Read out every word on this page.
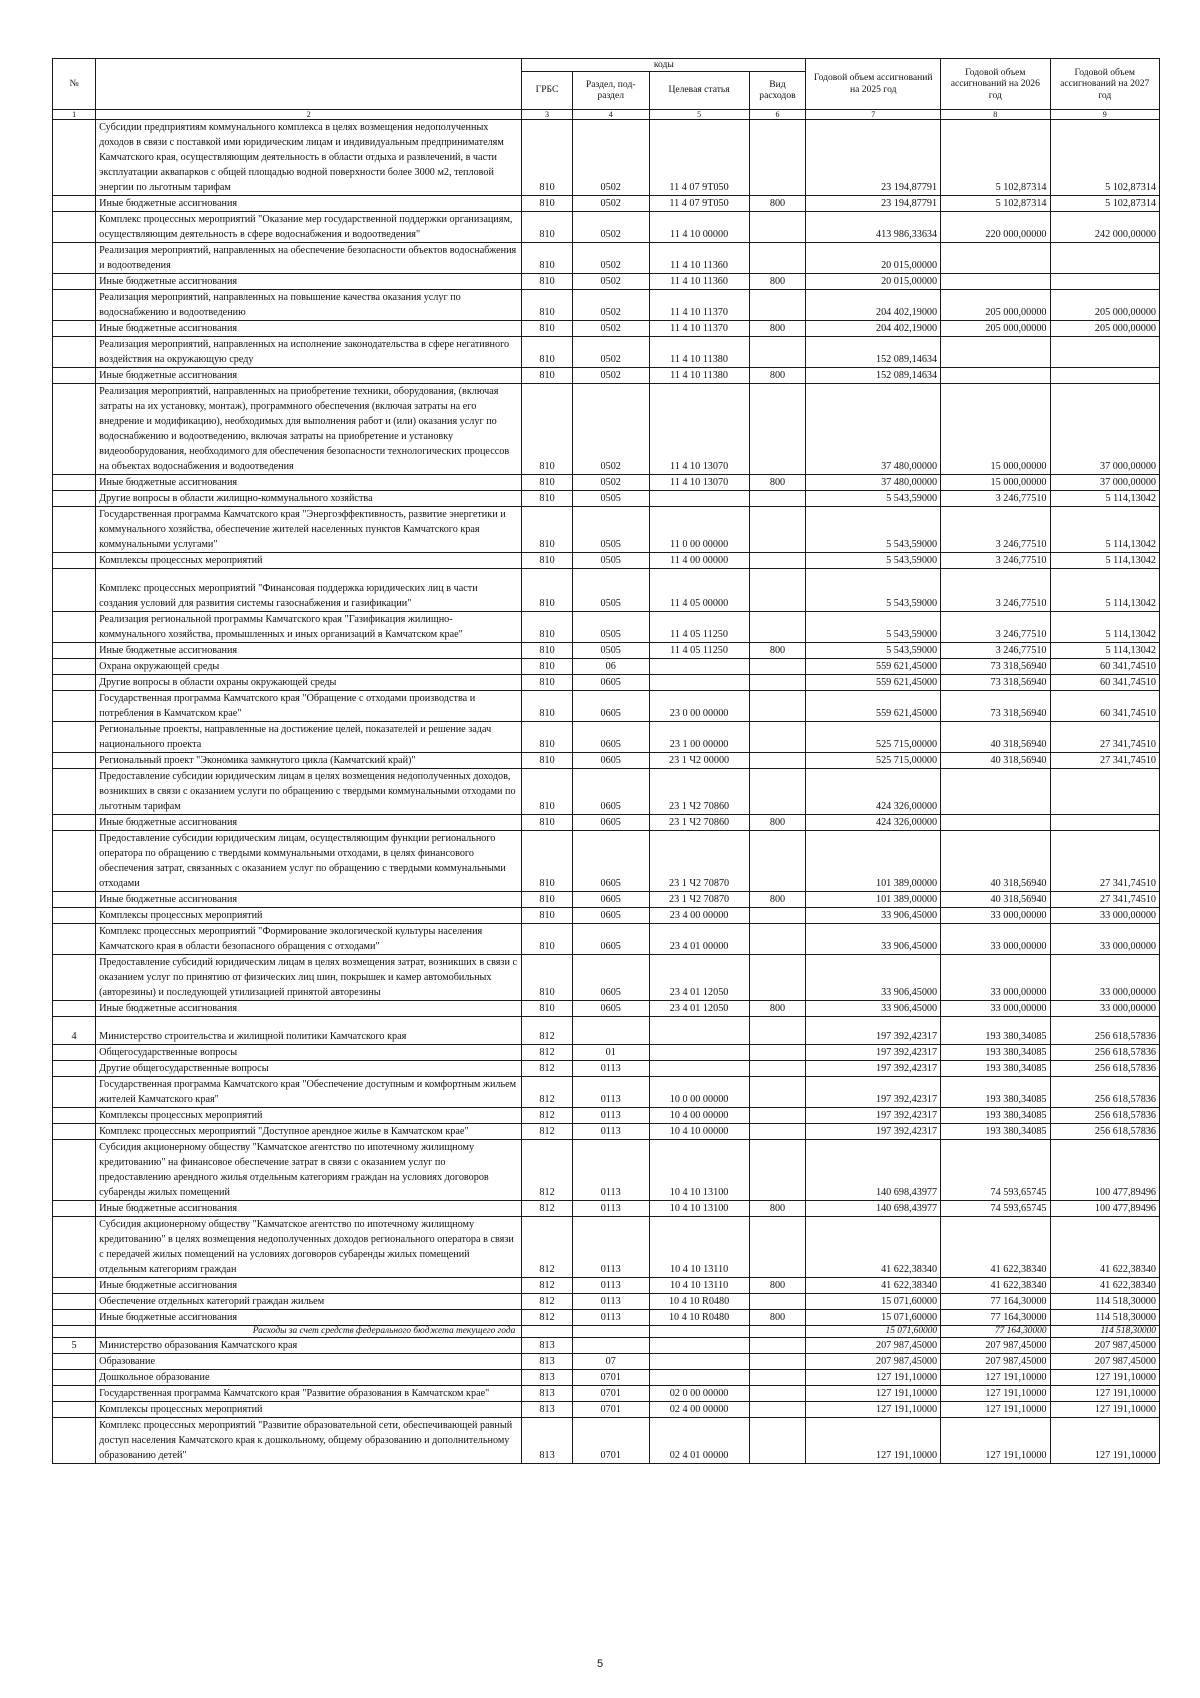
№		коды				Годовой объем ассигнований на 2025 год	Годовой объем ассигнований на 2026 год	Годовой объем ассигнований на 2027 год
		ГРБС	Раздел, под-раздел	Целевая статья	Вид расходов			
1	2	3	4	5	6	7	8	9
	Субсидии предприятиям коммунального комплекса в целях возмещения недополученных доходов в связи с поставкой ими юридическим лицам и индивидуальным предпринимателям Камчатского края, осуществляющим деятельность в области отдыха и развлечений, в части эксплуатации аквапарков с общей площадью водной поверхности более 3000 м2, тепловой энергии по льготным тарифам	810	0502	11 4 07 9Т050		23 194,87791	5 102,87314	5 102,87314
	Иные бюджетные ассигнования	810	0502	11 4 07 9Т050	800	23 194,87791	5 102,87314	5 102,87314
	Комплекс процессных мероприятий "Оказание мер государственной поддержки организациям, осуществляющим деятельность в сфере водоснабжения и водоотведения"	810	0502	11 4 10 00000		413 986,33634	220 000,00000	242 000,00000
	Реализация мероприятий, направленных на обеспечение безопасности объектов водоснабжения и водоотведения	810	0502	11 4 10 11360		20 015,00000		
	Иные бюджетные ассигнования	810	0502	11 4 10 11360	800	20 015,00000		
	Реализация мероприятий, направленных на повышение качества оказания услуг по водоснабжению и водоотведению	810	0502	11 4 10 11370		204 402,19000	205 000,00000	205 000,00000
	Иные бюджетные ассигнования	810	0502	11 4 10 11370	800	204 402,19000	205 000,00000	205 000,00000
	Реализация мероприятий, направленных на исполнение законодательства в сфере негативного воздействия на окружающую среду	810	0502	11 4 10 11380		152 089,14634		
	Иные бюджетные ассигнования	810	0502	11 4 10 11380	800	152 089,14634		
	Реализация мероприятий, направленных на приобретение техники, оборудования, (включая затраты на их установку, монтаж), программного обеспечения (включая затраты на его внедрение и модификацию), необходимых для выполнения работ и (или) оказания услуг по водоснабжению и водоотведению, включая затраты на приобретение и установку видеооборудования, необходимого для обеспечения безопасности технологических процессов на объектах водоснабжения и водоотведения	810	0502	11 4 10 13070		37 480,00000	15 000,00000	37 000,00000
	Иные бюджетные ассигнования	810	0502	11 4 10 13070	800	37 480,00000	15 000,00000	37 000,00000
	Другие вопросы в области жилищно-коммунального хозяйства	810	0505			5 543,59000	3 246,77510	5 114,13042
	Государственная программа Камчатского края "Энергоэффективность, развитие энергетики и коммунального хозяйства, обеспечение жителей населенных пунктов Камчатского края коммунальными услугами"	810	0505	11 0 00 00000		5 543,59000	3 246,77510	5 114,13042
	Комплексы процессных мероприятий	810	0505	11 4 00 00000		5 543,59000	3 246,77510	5 114,13042
	Комплекс процессных мероприятий "Финансовая поддержка юридических лиц в части создания условий для развития системы газоснабжения и газификации"	810	0505	11 4 05 00000		5 543,59000	3 246,77510	5 114,13042
	Реализация региональной программы Камчатского края "Газификация жилищно-коммунального хозяйства, промышленных и иных организаций в Камчатском крае"	810	0505	11 4 05 11250		5 543,59000	3 246,77510	5 114,13042
	Иные бюджетные ассигнования	810	0505	11 4 05 11250	800	5 543,59000	3 246,77510	5 114,13042
	Охрана окружающей среды	810	06			559 621,45000	73 318,56940	60 341,74510
	Другие вопросы в области охраны окружающей среды	810	0605			559 621,45000	73 318,56940	60 341,74510
	Государственная программа Камчатского края "Обращение с отходами производства и потребления в Камчатском крае"	810	0605	23 0 00 00000		559 621,45000	73 318,56940	60 341,74510
	Региональные проекты, направленные на достижение целей, показателей и решение задач национального проекта	810	0605	23 1 00 00000		525 715,00000	40 318,56940	27 341,74510
	Региональный проект "Экономика замкнутого цикла (Камчатский край)"	810	0605	23 1 Ч2 00000		525 715,00000	40 318,56940	27 341,74510
	Предоставление субсидии юридическим лицам в целях возмещения недополученных доходов, возникших в связи с оказанием услуги по обращению с твердыми коммунальными отходами по льготным тарифам	810	0605	23 1 Ч2 70860		424 326,00000		
	Иные бюджетные ассигнования	810	0605	23 1 Ч2 70860	800	424 326,00000		
	Предоставление субсидии юридическим лицам, осуществляющим функции регионального оператора по обращению с твердыми коммунальными отходами, в целях финансового обеспечения затрат, связанных с оказанием услуг по обращению с твердыми коммунальными отходами	810	0605	23 1 Ч2 70870		101 389,00000	40 318,56940	27 341,74510
	Иные бюджетные ассигнования	810	0605	23 1 Ч2 70870	800	101 389,00000	40 318,56940	27 341,74510
	Комплексы процессных мероприятий	810	0605	23 4 00 00000		33 906,45000	33 000,00000	33 000,00000
	Комплекс процессных мероприятий "Формирование экологической культуры населения Камчатского края в области безопасного обращения с отходами"	810	0605	23 4 01 00000		33 906,45000	33 000,00000	33 000,00000
	Предоставление субсидий юридическим лицам в целях возмещения затрат, возникших в связи с оказанием услуг по принятию от физических лиц шин, покрышек и камер автомобильных (авторезины) и последующей утилизацией принятой авторезины	810	0605	23 4 01 12050		33 906,45000	33 000,00000	33 000,00000
	Иные бюджетные ассигнования	810	0605	23 4 01 12050	800	33 906,45000	33 000,00000	33 000,00000
4	Министерство строительства и жилищной политики Камчатского края	812				197 392,42317	193 380,34085	256 618,57836
	Общегосударственные вопросы	812	01			197 392,42317	193 380,34085	256 618,57836
	Другие общегосударственные вопросы	812	0113			197 392,42317	193 380,34085	256 618,57836
	Государственная программа Камчатского края "Обеспечение доступным и комфортным жильем жителей Камчатского края"	812	0113	10 0 00 00000		197 392,42317	193 380,34085	256 618,57836
	Комплексы процессных мероприятий	812	0113	10 4 00 00000		197 392,42317	193 380,34085	256 618,57836
	Комплекс процессных мероприятий "Доступное арендное жилье в Камчатском крае"	812	0113	10 4 10 00000		197 392,42317	193 380,34085	256 618,57836
	Субсидия акционерному обществу "Камчатское агентство по ипотечному жилищному кредитованию" на финансовое обеспечение затрат в связи с оказанием услуг по предоставлению арендного жилья отдельным категориям граждан на условиях договоров субаренды жилых помещений	812	0113	10 4 10 13100		140 698,43977	74 593,65745	100 477,89496
	Иные бюджетные ассигнования	812	0113	10 4 10 13100	800	140 698,43977	74 593,65745	100 477,89496
	Субсидия акционерному обществу "Камчатское агентство по ипотечному жилищному кредитованию" в целях возмещения недополученных доходов регионального оператора в связи с передачей жилых помещений на условиях договоров субаренды жилых помещений отдельным категориям граждан	812	0113	10 4 10 13110		41 622,38340	41 622,38340	41 622,38340
	Иные бюджетные ассигнования	812	0113	10 4 10 13110	800	41 622,38340	41 622,38340	41 622,38340
	Обеспечение отдельных категорий граждан жильем	812	0113	10 4 10 R0480		15 071,60000	77 164,30000	114 518,30000
	Иные бюджетные ассигнования	812	0113	10 4 10 R0480	800	15 071,60000	77 164,30000	114 518,30000
	Расходы за счет средств федерального бюджета текущего года					15 071,60000	77 164,30000	114 518,30000
5	Министерство образования Камчатского края	813				207 987,45000	207 987,45000	207 987,45000
	Образование	813	07			207 987,45000	207 987,45000	207 987,45000
	Дошкольное образование	813	0701			127 191,10000	127 191,10000	127 191,10000
	Государственная программа Камчатского края "Развитие образования в Камчатском крае"	813	0701	02 0 00 00000		127 191,10000	127 191,10000	127 191,10000
	Комплексы процессных мероприятий	813	0701	02 4 00 00000		127 191,10000	127 191,10000	127 191,10000
	Комплекс процессных мероприятий "Развитие образовательной сети, обеспечивающей равный доступ населения Камчатского края к дошкольному, общему образованию и дополнительному образованию детей"	813	0701	02 4 01 00000		127 191,10000	127 191,10000	127 191,10000
5
